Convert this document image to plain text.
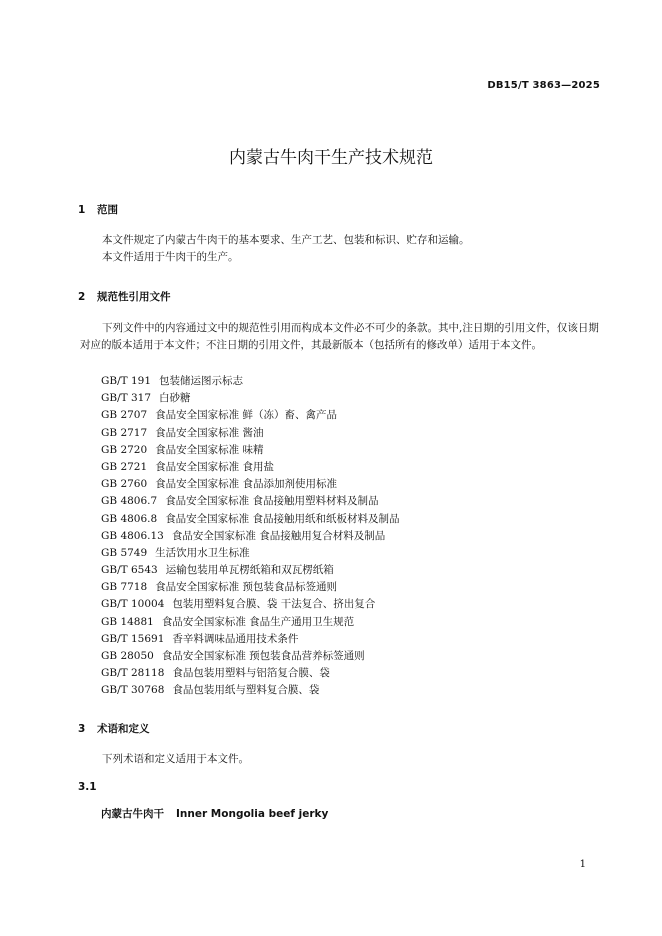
DB15/T 3863—2025
内蒙古牛肉干生产技术规范
1 范围
本文件规定了内蒙古牛肉干的基本要求、生产工艺、包装和标识、贮存和运输。
本文件适用于牛肉干的生产。
2 规范性引用文件
下列文件中的内容通过文中的规范性引用而构成本文件必不可少的条款。其中,注日期的引用文件，仅该日期对应的版本适用于本文件；不注日期的引用文件，其最新版本（包括所有的修改单）适用于本文件。
GB/T 191 包装储运图示标志
GB/T 317 白砂糖
GB 2707 食品安全国家标准 鲜（冻）畜、禽产品
GB 2717 食品安全国家标准 酱油
GB 2720 食品安全国家标准 味精
GB 2721 食品安全国家标准 食用盐
GB 2760 食品安全国家标准 食品添加剂使用标准
GB 4806.7 食品安全国家标准 食品接触用塑料材料及制品
GB 4806.8 食品安全国家标准 食品接触用纸和纸板材料及制品
GB 4806.13 食品安全国家标准 食品接触用复合材料及制品
GB 5749 生活饮用水卫生标准
GB/T 6543 运输包装用单瓦楞纸箱和双瓦楞纸箱
GB 7718 食品安全国家标准 预包装食品标签通则
GB/T 10004 包装用塑料复合膜、袋 干法复合、挤出复合
GB 14881 食品安全国家标准 食品生产通用卫生规范
GB/T 15691 香辛料调味品通用技术条件
GB 28050 食品安全国家标准 预包装食品营养标签通则
GB/T 28118 食品包装用塑料与铝箔复合膜、袋
GB/T 30768 食品包装用纸与塑料复合膜、袋
3 术语和定义
下列术语和定义适用于本文件。
3.1
内蒙古牛肉干 Inner Mongolia beef jerky
1
